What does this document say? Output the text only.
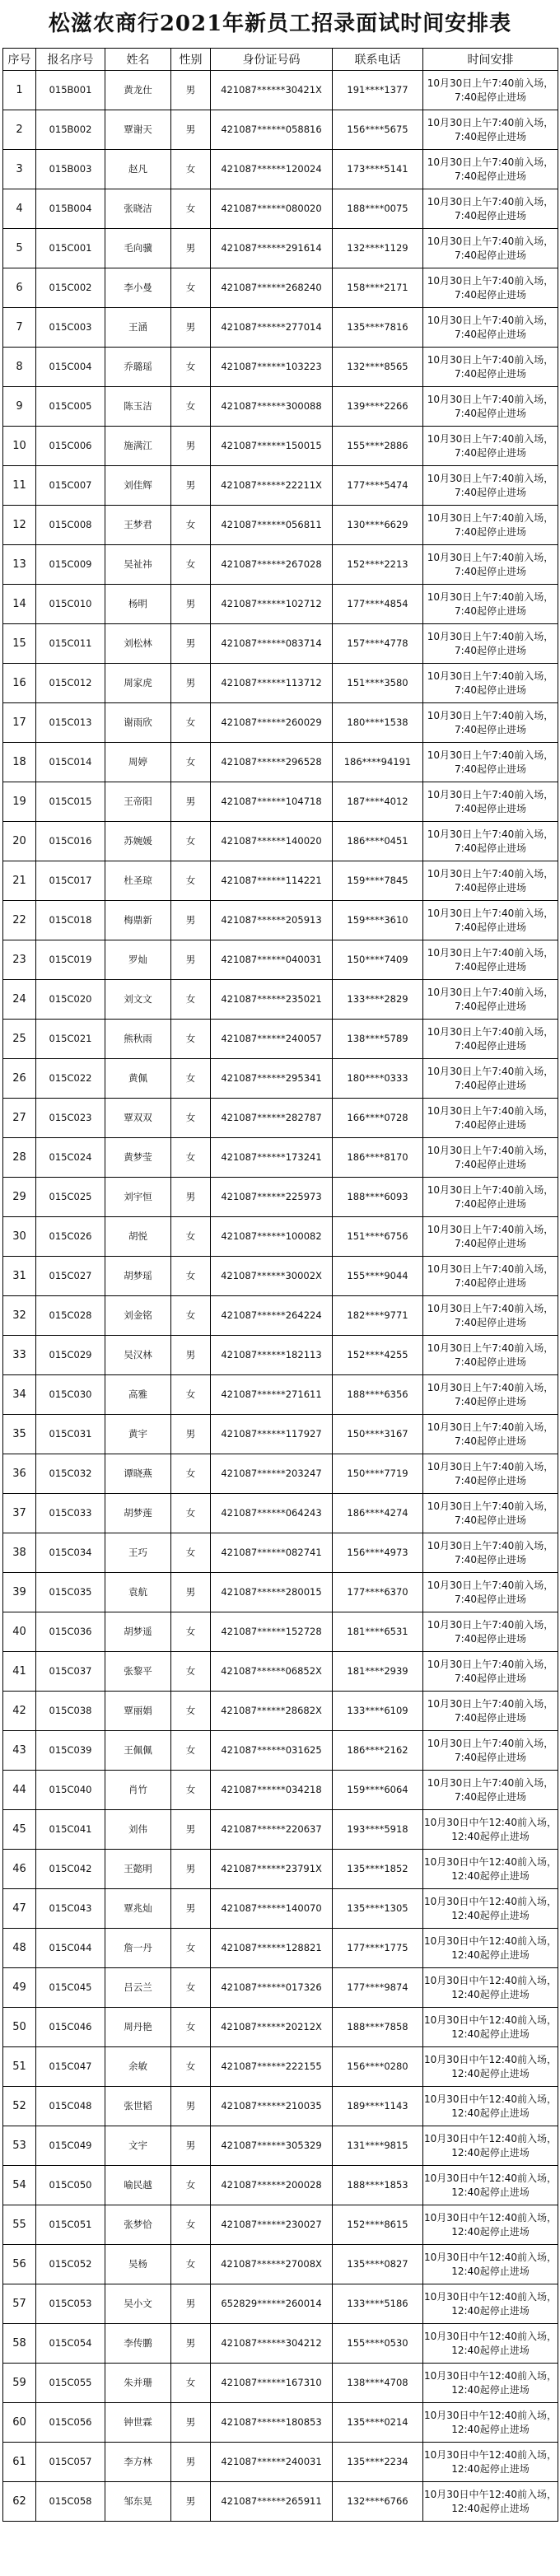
松滋农商行2021年新员工招录面试时间安排表
序号	报名序号	姓名	性别	身份证号码	联系电话	时间安排
1	015B001	黄龙仕	男	421087******30421X	191****1377	10月30日上午7:40前入场，
7:40起停止进场
2	015B002	覃谢天	男	421087******058816	156****5675	10月30日上午7:40前入场，
7:40起停止进场
3	015B003	赵凡	女	421087******120024	173****5141	10月30日上午7:40前入场，
7:40起停止进场
4	015B004	张晓洁	女	421087******080020	188****0075	10月30日上午7:40前入场，
7:40起停止进场
5	015C001	毛向骥	男	421087******291614	132****1129	10月30日上午7:40前入场，
7:40起停止进场
6	015C002	李小曼	女	421087******268240	158****2171	10月30日上午7:40前入场，
7:40起停止进场
7	015C003	王涵	男	421087******277014	135****7816	10月30日上午7:40前入场，
7:40起停止进场
8	015C004	乔璐瑶	女	421087******103223	132****8565	10月30日上午7:40前入场，
7:40起停止进场
9	015C005	陈玉洁	女	421087******300088	139****2266	10月30日上午7:40前入场，
7:40起停止进场
10	015C006	施满江	男	421087******150015	155****2886	10月30日上午7:40前入场，
7:40起停止进场
11	015C007	刘佳辉	男	421087******22211X	177****5474	10月30日上午7:40前入场，
7:40起停止进场
12	015C008	王梦君	女	421087******056811	130****6629	10月30日上午7:40前入场，
7:40起停止进场
13	015C009	吴祉祎	女	421087******267028	152****2213	10月30日上午7:40前入场，
7:40起停止进场
14	015C010	杨明	男	421087******102712	177****4854	10月30日上午7:40前入场，
7:40起停止进场
15	015C011	刘松林	男	421087******083714	157****4778	10月30日上午7:40前入场，
7:40起停止进场
16	015C012	周家虎	男	421087******113712	151****3580	10月30日上午7:40前入场，
7:40起停止进场
17	015C013	谢雨欣	女	421087******260029	180****1538	10月30日上午7:40前入场，
7:40起停止进场
18	015C014	周婷	女	421087******296528	186****94191	10月30日上午7:40前入场，
7:40起停止进场
19	015C015	王帝阳	男	421087******104718	187****4012	10月30日上午7:40前入场，
7:40起停止进场
20	015C016	苏婉媛	女	421087******140020	186****0451	10月30日上午7:40前入场，
7:40起停止进场
21	015C017	杜圣琼	女	421087******114221	159****7845	10月30日上午7:40前入场，
7:40起停止进场
22	015C018	梅鼎新	男	421087******205913	159****3610	10月30日上午7:40前入场，
7:40起停止进场
23	015C019	罗灿	男	421087******040031	150****7409	10月30日上午7:40前入场，
7:40起停止进场
24	015C020	刘文文	女	421087******235021	133****2829	10月30日上午7:40前入场，
7:40起停止进场
25	015C021	熊秋雨	女	421087******240057	138****5789	10月30日上午7:40前入场，
7:40起停止进场
26	015C022	黄佩	女	421087******295341	180****0333	10月30日上午7:40前入场，
7:40起停止进场
27	015C023	覃双双	女	421087******282787	166****0728	10月30日上午7:40前入场，
7:40起停止进场
28	015C024	黄梦莹	女	421087******173241	186****8170	10月30日上午7:40前入场，
7:40起停止进场
29	015C025	刘宇恒	男	421087******225973	188****6093	10月30日上午7:40前入场，
7:40起停止进场
30	015C026	胡悦	女	421087******100082	151****6756	10月30日上午7:40前入场，
7:40起停止进场
31	015C027	胡梦瑶	女	421087******30002X	155****9044	10月30日上午7:40前入场，
7:40起停止进场
32	015C028	刘金铭	女	421087******264224	182****9771	10月30日上午7:40前入场，
7:40起停止进场
33	015C029	吴汉林	男	421087******182113	152****4255	10月30日上午7:40前入场，
7:40起停止进场
34	015C030	高雅	女	421087******271611	188****6356	10月30日上午7:40前入场，
7:40起停止进场
35	015C031	黄宇	男	421087******117927	150****3167	10月30日上午7:40前入场，
7:40起停止进场
36	015C032	谭晓燕	女	421087******203247	150****7719	10月30日上午7:40前入场，
7:40起停止进场
37	015C033	胡梦莲	女	421087******064243	186****4274	10月30日上午7:40前入场，
7:40起停止进场
38	015C034	王巧	女	421087******082741	156****4973	10月30日上午7:40前入场，
7:40起停止进场
39	015C035	袁航	男	421087******280015	177****6370	10月30日上午7:40前入场，
7:40起停止进场
40	015C036	胡梦遥	女	421087******152728	181****6531	10月30日上午7:40前入场，
7:40起停止进场
41	015C037	张黎平	女	421087******06852X	181****2939	10月30日上午7:40前入场，
7:40起停止进场
42	015C038	覃丽娟	女	421087******28682X	133****6109	10月30日上午7:40前入场，
7:40起停止进场
43	015C039	王佩佩	女	421087******031625	186****2162	10月30日上午7:40前入场，
7:40起停止进场
44	015C040	肖竹	女	421087******034218	159****6064	10月30日上午7:40前入场，
7:40起停止进场
45	015C041	刘伟	男	421087******220637	193****5918	10月30日中午12:40前入场，
12:40起停止进场
46	015C042	王懿明	男	421087******23791X	135****1852	10月30日中午12:40前入场，
12:40起停止进场
47	015C043	覃兆灿	男	421087******140070	135****1305	10月30日中午12:40前入场，
12:40起停止进场
48	015C044	詹一丹	女	421087******128821	177****1775	10月30日中午12:40前入场，
12:40起停止进场
49	015C045	吕云兰	女	421087******017326	177****9874	10月30日中午12:40前入场，
12:40起停止进场
50	015C046	周丹艳	女	421087******20212X	188****7858	10月30日中午12:40前入场，
12:40起停止进场
51	015C047	余敏	女	421087******222155	156****0280	10月30日中午12:40前入场，
12:40起停止进场
52	015C048	张世韬	男	421087******210035	189****1143	10月30日中午12:40前入场，
12:40起停止进场
53	015C049	文宇	男	421087******305329	131****9815	10月30日中午12:40前入场，
12:40起停止进场
54	015C050	喻民越	女	421087******200028	188****1853	10月30日中午12:40前入场，
12:40起停止进场
55	015C051	张梦恰	女	421087******230027	152****8615	10月30日中午12:40前入场，
12:40起停止进场
56	015C052	吴杨	女	421087******27008X	135****0827	10月30日中午12:40前入场，
12:40起停止进场
57	015C053	吴小文	男	652829******260014	133****5186	10月30日中午12:40前入场，
12:40起停止进场
58	015C054	李传鹏	男	421087******304212	155****0530	10月30日中午12:40前入场，
12:40起停止进场
59	015C055	朱并珊	女	421087******167310	138****4708	10月30日中午12:40前入场，
12:40起停止进场
60	015C056	钟世霖	男	421087******180853	135****0214	10月30日中午12:40前入场，
12:40起停止进场
61	015C057	李方林	男	421087******240031	135****2234	10月30日中午12:40前入场，
12:40起停止进场
62	015C058	邹东晃	男	421087******265911	132****6766	10月30日中午12:40前入场，
12:40起停止进场
